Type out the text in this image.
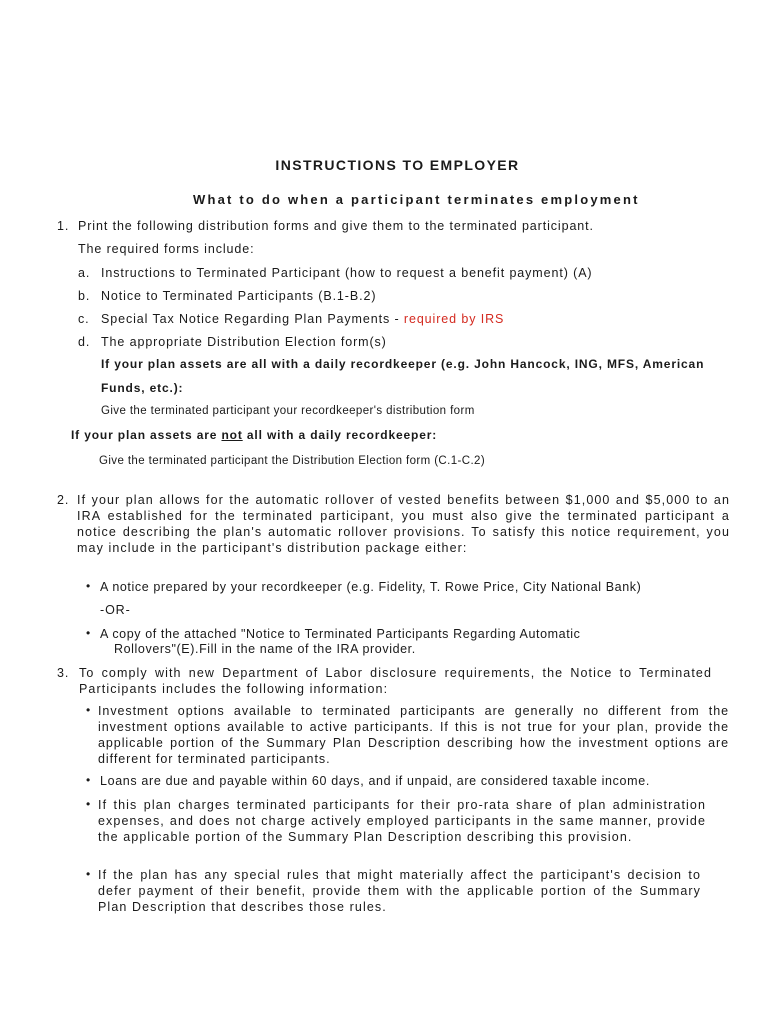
INSTRUCTIONS TO EMPLOYER
What to do when a participant terminates employment
1. Print the following distribution forms and give them to the terminated participant.
The required forms include:
a. Instructions to Terminated Participant (how to request a benefit payment) (A)
b. Notice to Terminated Participants (B.1-B.2)
c. Special Tax Notice Regarding Plan Payments - required by IRS
d. The appropriate Distribution Election form(s)
If your plan assets are all with a daily recordkeeper (e.g. John Hancock, ING, MFS, American
Funds, etc.):
Give the terminated participant your recordkeeper's distribution form
If your plan assets are not all with a daily recordkeeper:
Give the terminated participant the Distribution Election form (C.1-C.2)
2. If your plan allows for the automatic rollover of vested benefits between $1,000 and $5,000 to an IRA established for the terminated participant, you must also give the terminated participant a notice describing the plan's automatic rollover provisions. To satisfy this notice requirement, you may include in the participant's distribution package either:
• A notice prepared by your recordkeeper (e.g. Fidelity, T. Rowe Price, City National Bank)
-OR-
• A copy of the attached "Notice to Terminated Participants Regarding Automatic
Rollovers"(E).Fill in the name of the IRA provider.
3. To comply with new Department of Labor disclosure requirements, the Notice to Terminated Participants includes the following information:
• Investment options available to terminated participants are generally no different from the investment options available to active participants. If this is not true for your plan, provide the applicable portion of the Summary Plan Description describing how the investment options are different for terminated participants.
• Loans are due and payable within 60 days, and if unpaid, are considered taxable income.
• If this plan charges terminated participants for their pro-rata share of plan administration expenses, and does not charge actively employed participants in the same manner, provide the applicable portion of the Summary Plan Description describing this provision.
• If the plan has any special rules that might materially affect the participant's decision to defer payment of their benefit, provide them with the applicable portion of the Summary Plan Description that describes those rules.
